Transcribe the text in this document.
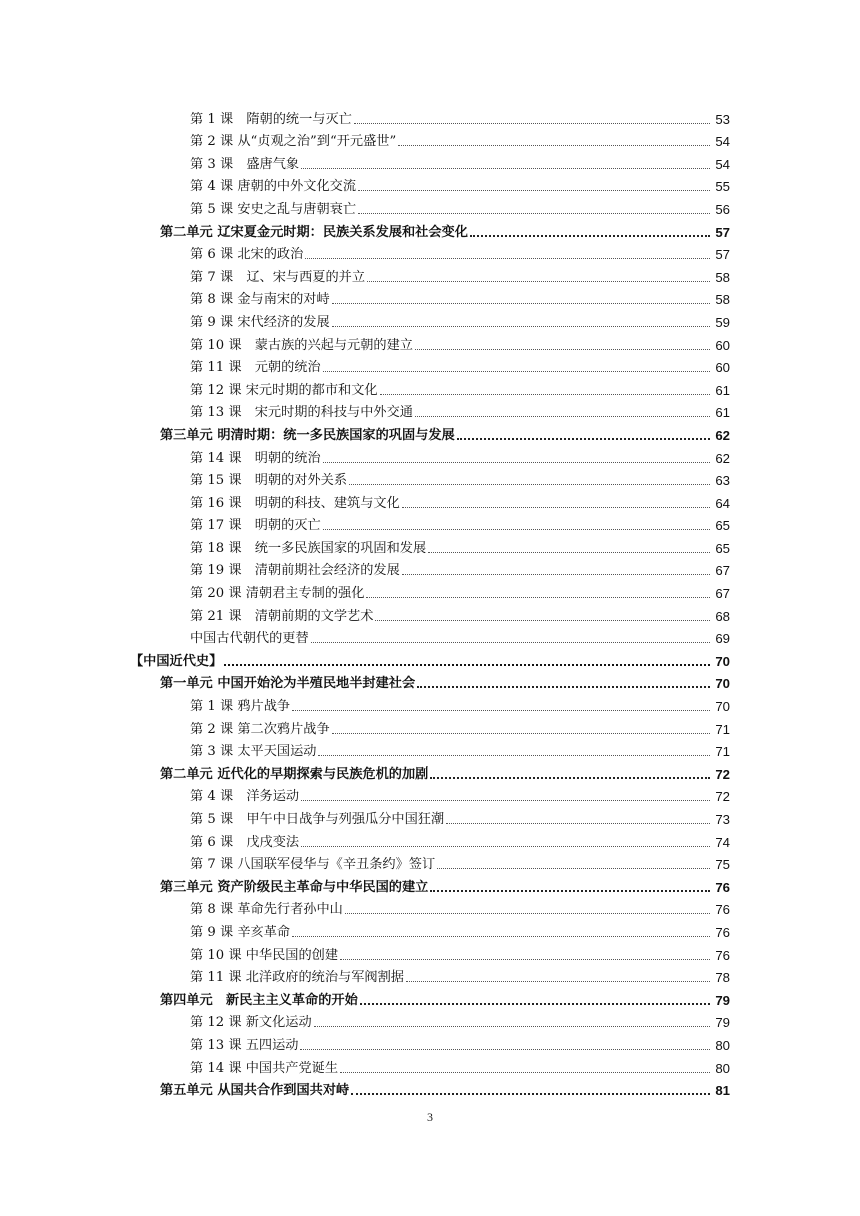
第 1 课　隋朝的统一与灭亡	53
第 2 课 从“贞观之治”到“开元盛世”	54
第 3 课　盛唐气象	54
第 4 课 唐朝的中外文化交流	55
第 5 课 安史之乱与唐朝衰亡	56
第二单元 辽宋夏金元时期：民族关系发展和社会变化	57
第 6 课 北宋的政治	57
第 7 课　辽、宋与西夏的并立	58
第 8 课 金与南宋的对峙	58
第 9 课 宋代经济的发展	59
第 10 课　蒙古族的兴起与元朝的建立	60
第 11 课　元朝的统治	60
第 12 课 宋元时期的都市和文化	61
第 13 课　宋元时期的科技与中外交通	61
第三单元 明清时期：统一多民族国家的巩固与发展	62
第 14 课　明朝的统治	62
第 15 课　明朝的对外关系	63
第 16 课　明朝的科技、建筑与文化	64
第 17 课　明朝的灭亡	65
第 18 课　统一多民族国家的巩固和发展	65
第 19 课　清朝前期社会经济的发展	67
第 20 课 清朝君主专制的强化	67
第 21 课　清朝前期的文学艺术	68
中国古代朝代的更替	69
【中国近代史】	70
第一单元 中国开始沦为半殖民地半封建社会	70
第 1 课 鸦片战争	70
第 2 课 第二次鸦片战争	71
第 3 课 太平天国运动	71
第二单元 近代化的早期探索与民族危机的加剧	72
第 4 课　洋务运动	72
第 5 课　甲午中日战争与列强瓜分中国狂潮	73
第 6 课　戊戌变法	74
第 7 课 八国联军侵华与《辛丑条约》签订	75
第三单元 资产阶级民主革命与中华民国的建立	76
第 8 课 革命先行者孙中山	76
第 9 课 辛亥革命	76
第 10 课 中华民国的创建	76
第 11 课 北洋政府的统治与军阀割据	78
第四单元　新民主主义革命的开始	79
第 12 课 新文化运动	79
第 13 课 五四运动	80
第 14 课 中国共产党诞生	80
第五单元 从国共合作到国共对峙	81
3
